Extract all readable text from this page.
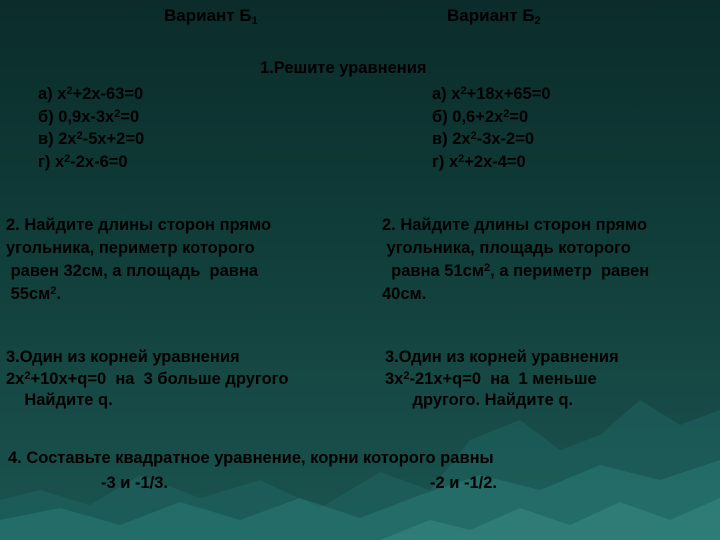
Вариант $Б_1$	Вариант $Б_2$
1.Решите уравнения
а) $х^2+2х-63=0$
б) $0,9х-3х^2=0$
в) $2х^2-5х+2=0$
г) $х^2-2х-6=0$
а) $х^2+18х+65=0$
б) $0,6+2х^2=0$
в) $2х^2-3х-2=0$
г) $х^2+2х-4=0$
2. Найдите длины сторон прямо
угольника, периметр которого
равен 32см, а площадь  равна
$55см^2$.
2. Найдите длины сторон прямо
угольника, площадь которого
равна $51см^2$, а периметр  равен
40см.
3.Один из корней уравнения
$2х^2+10х+q=0$  на  3 больше другого
Найдите q.
3.Один из корней уравнения
$3х^2-21х+q=0$  на  1 меньше
другого. Найдите q.
4. Составьте квадратное уравнение, корни которого равны
-3 и -1/3.	-2 и -1/2.
